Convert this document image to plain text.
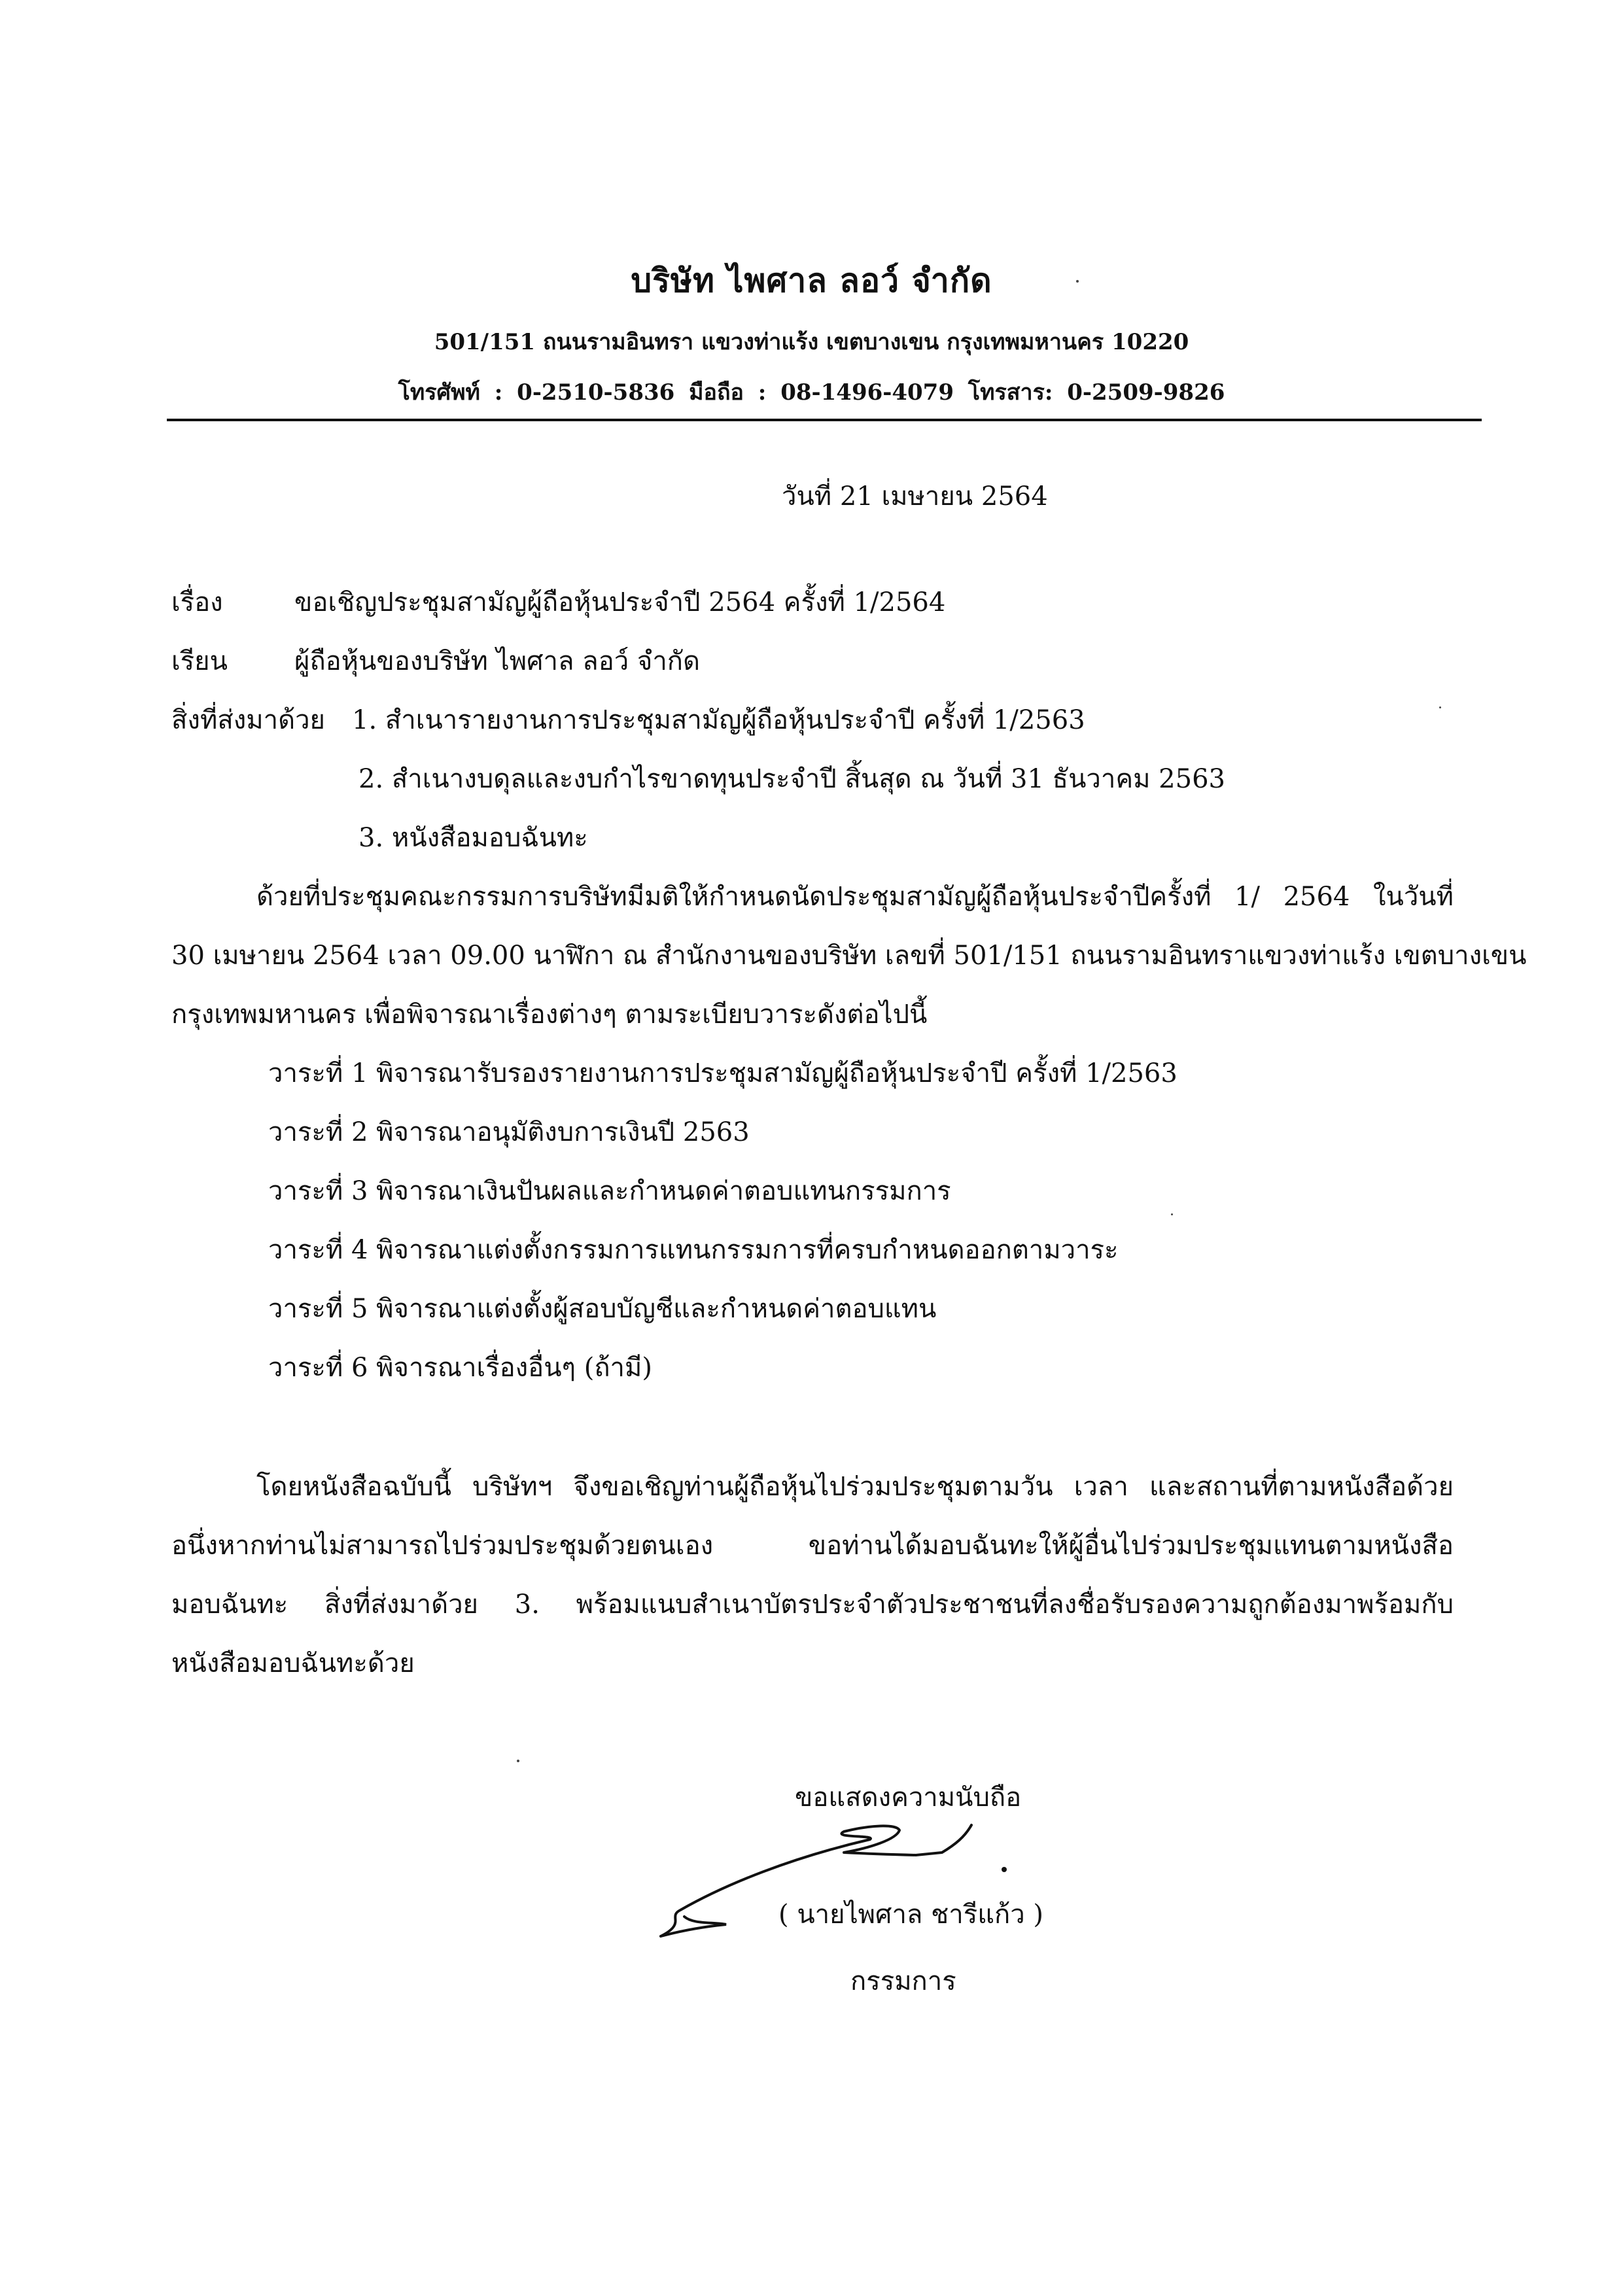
บริษัท ไพศาล ลอว์ จำกัด
501/151 ถนนรามอินทรา แขวงท่าแร้ง เขตบางเขน กรุงเทพมหานคร 10220
โทรศัพท์ : 0-2510-5836 มือถือ : 08-1496-4079 โทรสาร: 0-2509-9826
วันที่ 21 เมษายน 2564
เรื่อง	ขอเชิญประชุมสามัญผู้ถือหุ้นประจำปี 2564 ครั้งที่ 1/2564
เรียน	ผู้ถือหุ้นของบริษัท ไพศาล ลอว์ จำกัด
สิ่งที่ส่งมาด้วย 1. สำเนารายงานการประชุมสามัญผู้ถือหุ้นประจำปี ครั้งที่ 1/2563
2. สำเนางบดุลและงบกำไรขาดทุนประจำปี สิ้นสุด ณ วันที่ 31 ธันวาคม 2563
3. หนังสือมอบฉันทะ
ด้วยที่ประชุมคณะกรรมการบริษัทมีมติให้กำหนดนัดประชุมสามัญผู้ถือหุ้นประจำปีครั้งที่ 1/ 2564 ในวันที่
30 เมษายน 2564 เวลา 09.00 นาฬิกา ณ สำนักงานของบริษัท เลขที่ 501/151 ถนนรามอินทราแขวงท่าแร้ง เขตบางเขน
กรุงเทพมหานคร เพื่อพิจารณาเรื่องต่างๆ ตามระเบียบวาระดังต่อไปนี้
วาระที่ 1 พิจารณารับรองรายงานการประชุมสามัญผู้ถือหุ้นประจำปี ครั้งที่ 1/2563
วาระที่ 2 พิจารณาอนุมัติงบการเงินปี 2563
วาระที่ 3 พิจารณาเงินปันผลและกำหนดค่าตอบแทนกรรมการ
วาระที่ 4 พิจารณาแต่งตั้งกรรมการแทนกรรมการที่ครบกำหนดออกตามวาระ
วาระที่ 5 พิจารณาแต่งตั้งผู้สอบบัญชีและกำหนดค่าตอบแทน
วาระที่ 6 พิจารณาเรื่องอื่นๆ (ถ้ามี)
โดยหนังสือฉบับนี้ บริษัทฯ จึงขอเชิญท่านผู้ถือหุ้นไปร่วมประชุมตามวัน เวลา และสถานที่ตามหนังสือด้วย
อนึ่งหากท่านไม่สามารถไปร่วมประชุมด้วยตนเอง ขอท่านได้มอบฉันทะให้ผู้อื่นไปร่วมประชุมแทนตามหนังสือ
มอบฉันทะ สิ่งที่ส่งมาด้วย 3. พร้อมแนบสำเนาบัตรประจำตัวประชาชนที่ลงชื่อรับรองความถูกต้องมาพร้อมกับ
หนังสือมอบฉันทะด้วย
ขอแสดงความนับถือ
( นายไพศาล ชารีแก้ว )
กรรมการ
